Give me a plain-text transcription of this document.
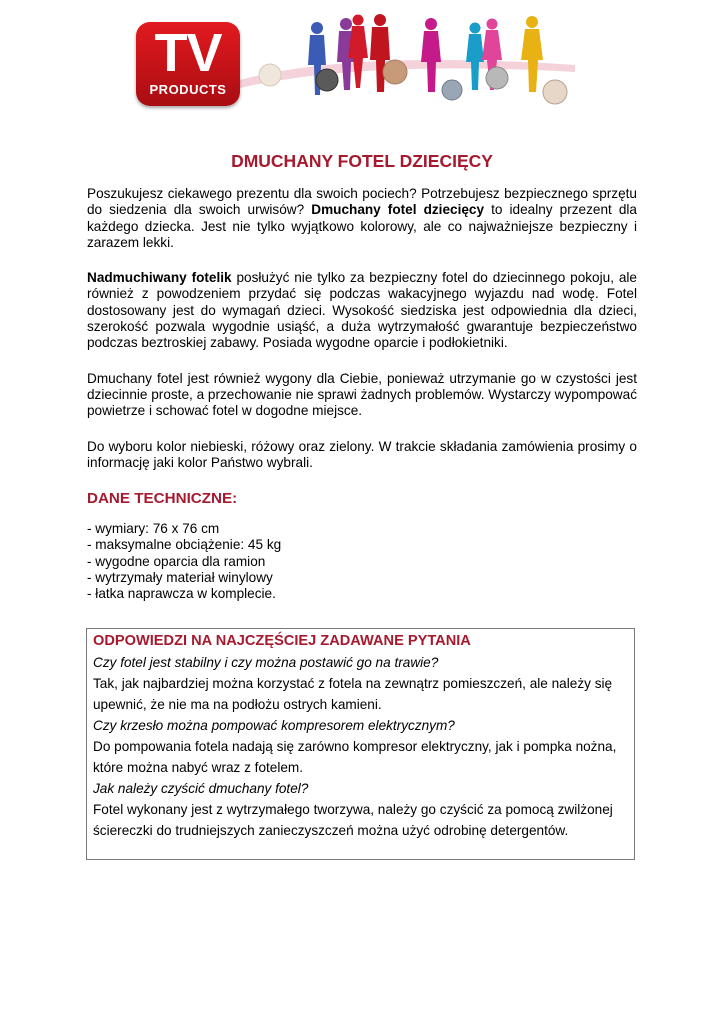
TV
PRODUCTS
DMUCHANY FOTEL DZIECIĘCY

Poszukujesz ciekawego prezentu dla swoich pociech? Potrzebujesz bezpiecznego sprzętu do siedzenia dla swoich urwisów? Dmuchany fotel dziecięcy to idealny przezent dla każdego dziecka. Jest nie tylko wyjątkowo kolorowy, ale co najważniejsze bezpieczny i zarazem lekki.

Nadmuchiwany fotelik posłużyć nie tylko za bezpieczny fotel do dziecinnego pokoju, ale również z powodzeniem przydać się podczas wakacyjnego wyjazdu nad wodę. Fotel dostosowany jest do wymagań dzieci. Wysokość siedziska jest odpowiednia dla dzieci, szerokość pozwala wygodnie usiąść, a duża wytrzymałość gwarantuje bezpieczeństwo podczas beztroskiej zabawy. Posiada wygodne oparcie i podłokietniki.

Dmuchany fotel jest również wygony dla Ciebie, ponieważ utrzymanie go w czystości jest dziecinnie proste, a przechowanie nie sprawi żadnych problemów. Wystarczy wypompować powietrze i schować fotel w dogodne miejsce.

Do wyboru kolor niebieski, różowy oraz zielony. W trakcie składania zamówienia prosimy o informację jaki kolor Państwo wybrali.

DANE TECHNICZNE:
- wymiary: 76 x 76 cm
- maksymalne obciążenie: 45 kg
- wygodne oparcia dla ramion
- wytrzymały materiał winylowy
- łatka naprawcza w komplecie.
ODPOWIEDZI NA NAJCZĘŚCIEJ ZADAWANE PYTANIA

Czy fotel jest stabilny i czy można postawić go na trawie?

Tak, jak najbardziej można korzystać z fotela na zewnątrz pomieszczeń, ale należy się upewnić, że nie ma na podłożu ostrych kamieni.

Czy krzesło można pompować kompresorem elektrycznym?

Do pompowania fotela nadają się zarówno kompresor elektryczny, jak i pompka nożna, które można nabyć wraz z fotelem.

Jak należy czyścić dmuchany fotel?

Fotel wykonany jest z wytrzymałego tworzywa, należy go czyścić za pomocą zwilżonej ściereczki do trudniejszych zanieczyszczeń można użyć odrobinę detergentów.
